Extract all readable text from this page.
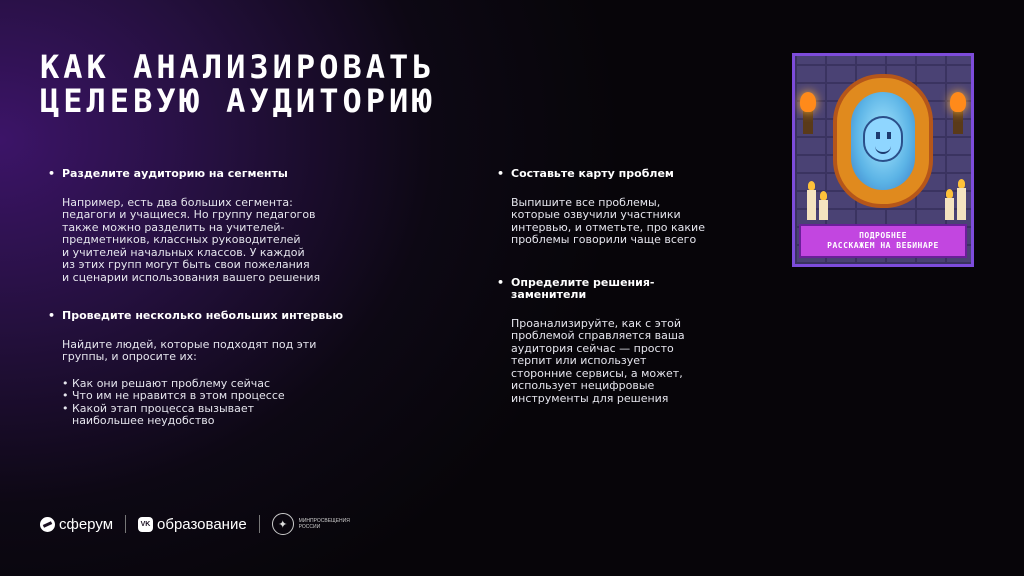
КАК АНАЛИЗИРОВАТЬ
ЦЕЛЕВУЮ АУДИТОРИЮ

• Разделите аудиторию на сегменты

Например, есть два больших сегмента:
педагоги и учащиеся. Но группу педагогов
также можно разделить на учителей-
предметников, классных руководителей
и учителей начальных классов. У каждой
из этих групп могут быть свои пожелания
и сценарии использования вашего решения

• Проведите несколько небольших интервью

Найдите людей, которые подходят под эти
группы, и опросите их:
• Как они решают проблему сейчас
• Что им не нравится в этом процессе
• Какой этап процесса вызывает
наибольшее неудобство

• Составьте карту проблем

Выпишите все проблемы,
которые озвучили участники
интервью, и отметьте, про какие
проблемы говорили чаще всего

• Определите решения-
заменители

Проанализируйте, как с этой
проблемой справляется ваша
аудитория сейчас — просто
терпит или использует
сторонние сервисы, а может,
использует нецифровые
инструменты для решения
ПОДРОБНЕЕ
РАССКАЖЕМ НА ВЕБИНАРЕ
сферум	VK образование	✦	МИНПРОСВЕЩЕНИЯ
РОССИИ
